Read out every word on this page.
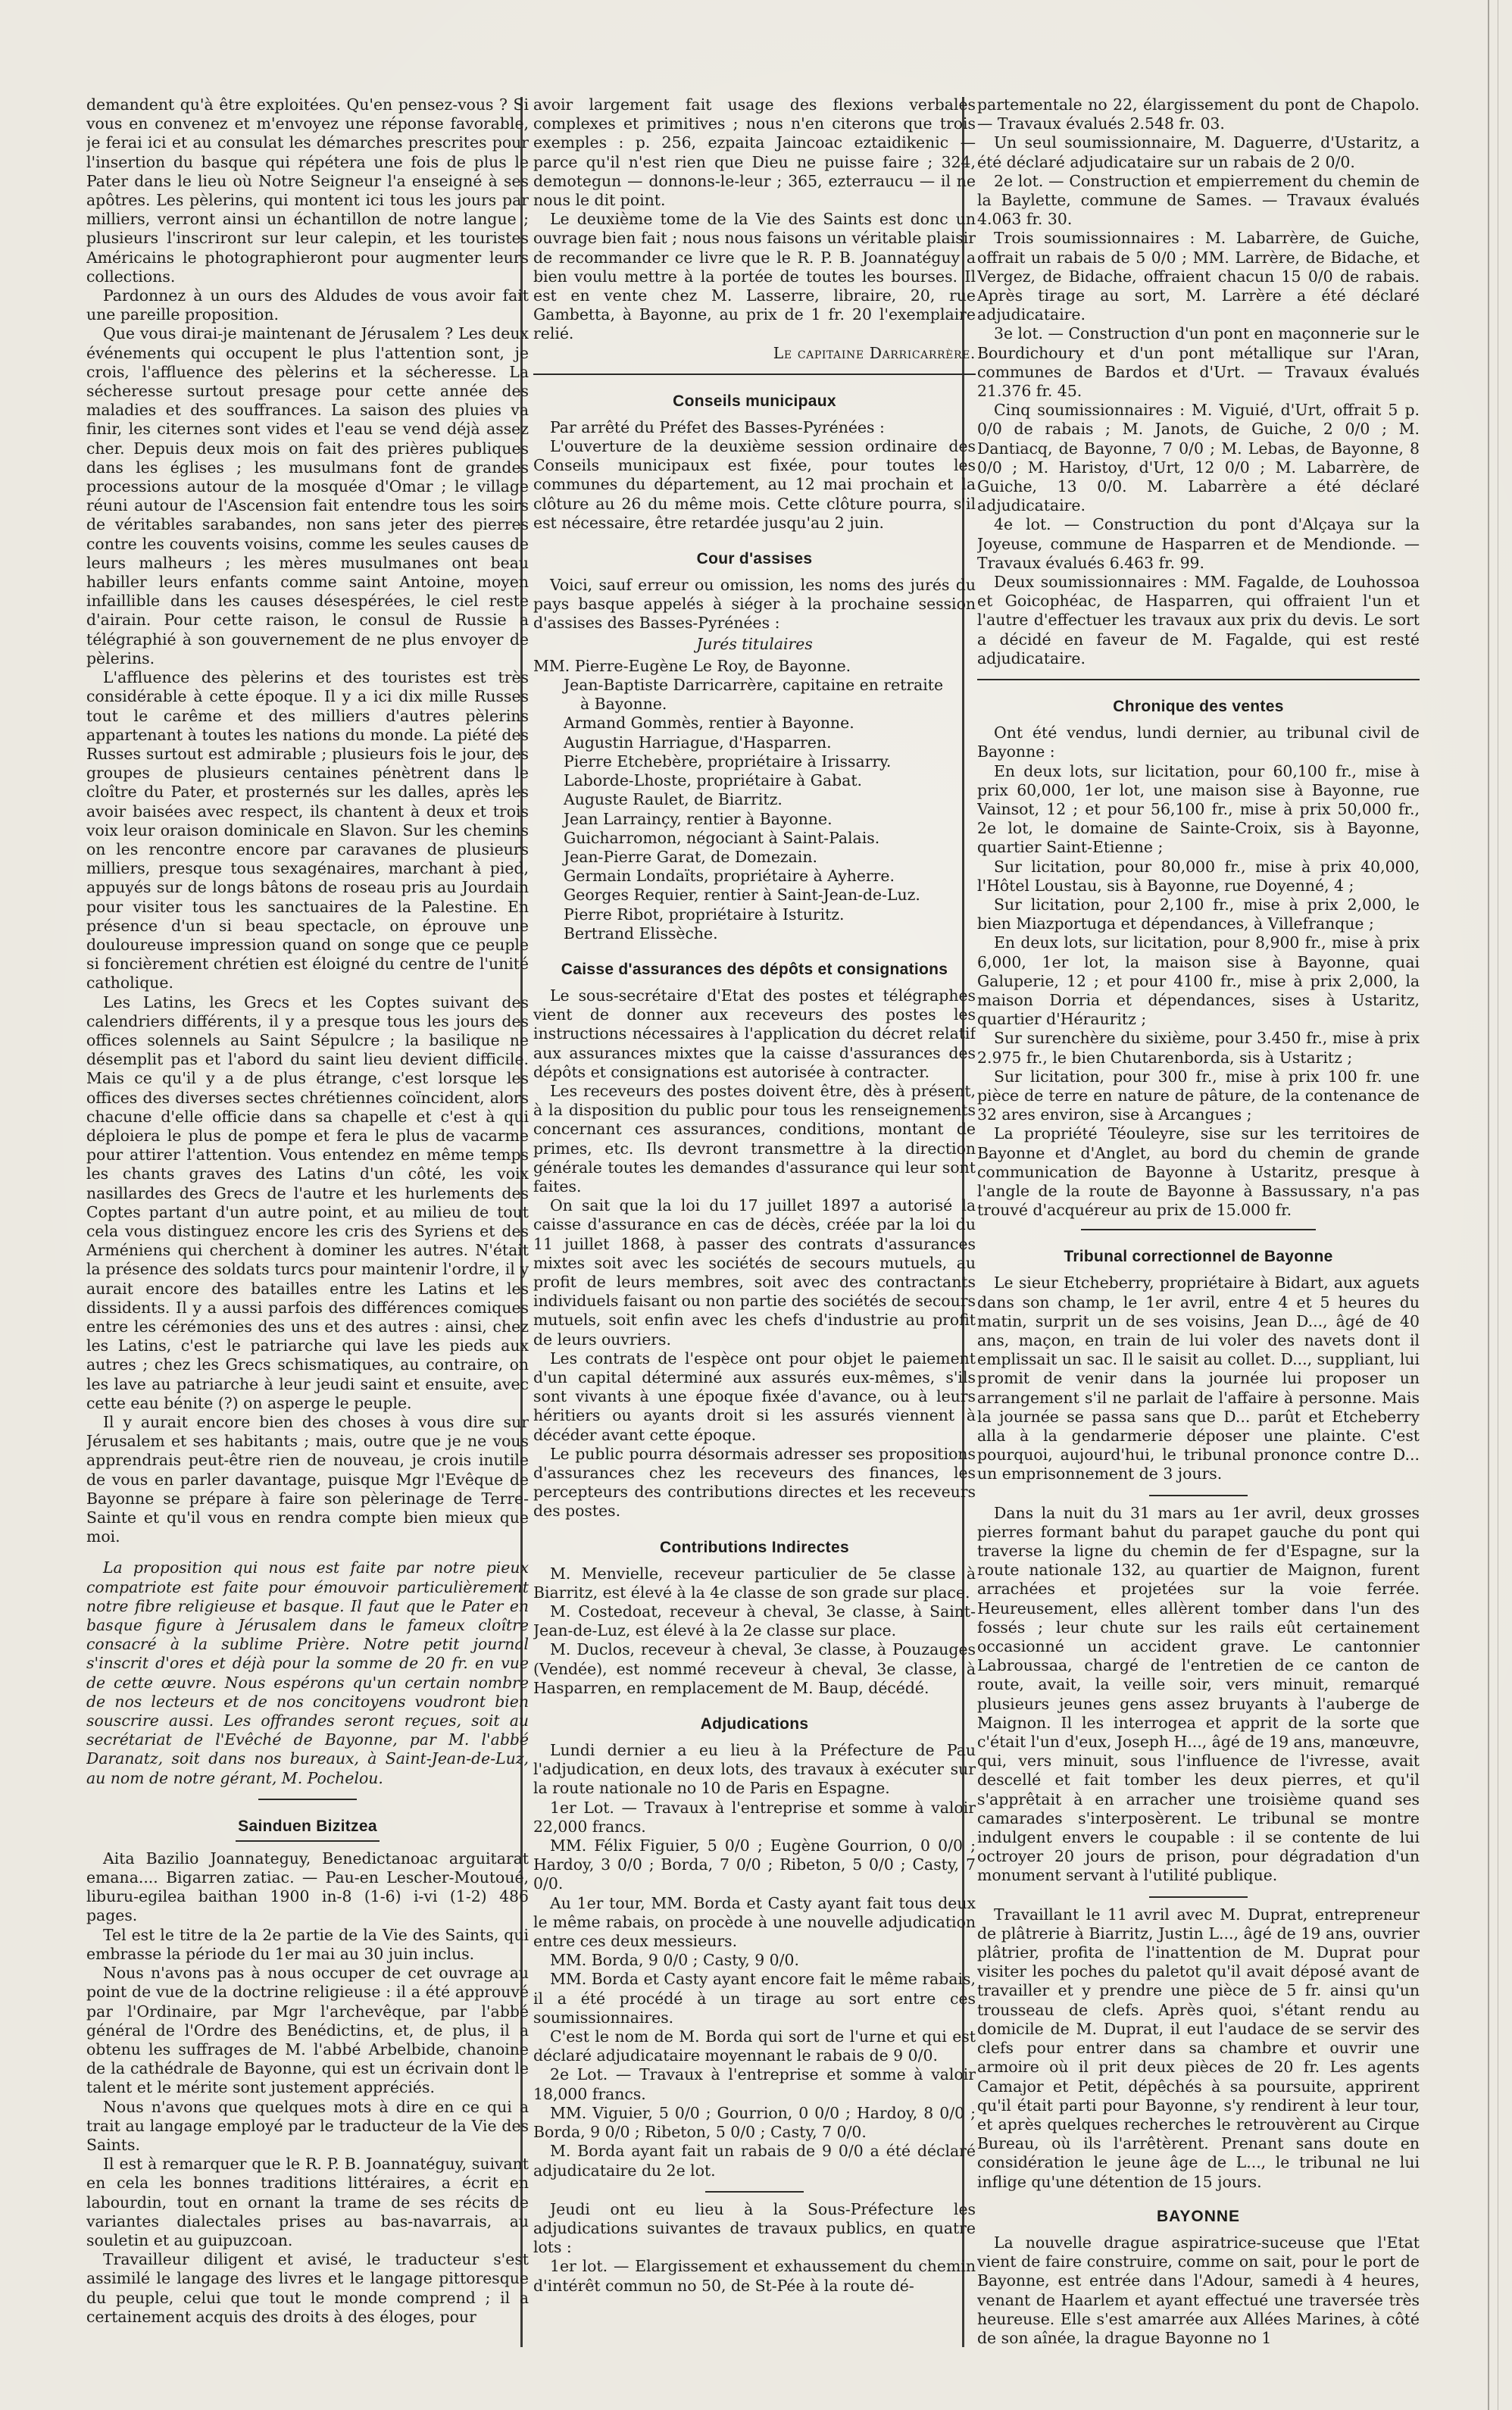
demandent qu'à être exploitées. Qu'en pensez-vous ? Si vous en convenez et m'envoyez une réponse favorable, je ferai ici et au consulat les démarches prescrites pour l'insertion du basque qui répétera une fois de plus le Pater dans le lieu où Notre Seigneur l'a enseigné à ses apôtres. Les pèlerins, qui montent ici tous les jours par milliers, verront ainsi un échantillon de notre langue ; plusieurs l'inscriront sur leur calepin, et les touristes Américains le photographieront pour augmenter leurs collections.

Pardonnez à un ours des Aldudes de vous avoir fait une pareille proposition.

Que vous dirai-je maintenant de Jérusalem ? Les deux événements qui occupent le plus l'attention sont, je crois, l'affluence des pèlerins et la sécheresse. La sécheresse surtout presage pour cette année des maladies et des souffrances. La saison des pluies va finir, les citernes sont vides et l'eau se vend déjà assez cher. Depuis deux mois on fait des prières publiques dans les églises ; les musulmans font de grandes processions autour de la mosquée d'Omar ; le village réuni autour de l'Ascension fait entendre tous les soirs de véritables sarabandes, non sans jeter des pierres contre les couvents voisins, comme les seules causes de leurs malheurs ; les mères musulmanes ont beau habiller leurs enfants comme saint Antoine, moyen infaillible dans les causes désespérées, le ciel reste d'airain. Pour cette raison, le consul de Russie a télégraphié à son gouvernement de ne plus envoyer de pèlerins.

L'affluence des pèlerins et des touristes est très considérable à cette époque. Il y a ici dix mille Russes tout le carême et des milliers d'autres pèlerins appartenant à toutes les nations du monde. La piété des Russes surtout est admirable ; plusieurs fois le jour, des groupes de plusieurs centaines pénètrent dans le cloître du Pater, et prosternés sur les dalles, après les avoir baisées avec respect, ils chantent à deux et trois voix leur oraison dominicale en Slavon. Sur les chemins on les rencontre encore par caravanes de plusieurs milliers, presque tous sexagénaires, marchant à pied, appuyés sur de longs bâtons de roseau pris au Jourdain pour visiter tous les sanctuaires de la Palestine. En présence d'un si beau spectacle, on éprouve une douloureuse impression quand on songe que ce peuple si foncièrement chrétien est éloigné du centre de l'unité catholique.

Les Latins, les Grecs et les Coptes suivant des calendriers différents, il y a presque tous les jours des offices solennels au Saint Sépulcre ; la basilique ne désemplit pas et l'abord du saint lieu devient difficile. Mais ce qu'il y a de plus étrange, c'est lorsque les offices des diverses sectes chrétiennes coïncident, alors chacune d'elle officie dans sa chapelle et c'est à qui déploiera le plus de pompe et fera le plus de vacarme pour attirer l'attention. Vous entendez en même temps les chants graves des Latins d'un côté, les voix nasillardes des Grecs de l'autre et les hurlements des Coptes partant d'un autre point, et au milieu de tout cela vous distinguez encore les cris des Syriens et des Arméniens qui cherchent à dominer les autres. N'était la présence des soldats turcs pour maintenir l'ordre, il y aurait encore des batailles entre les Latins et les dissidents. Il y a aussi parfois des différences comiques entre les cérémonies des uns et des autres : ainsi, chez les Latins, c'est le patriarche qui lave les pieds aux autres ; chez les Grecs schismatiques, au contraire, on les lave au patriarche à leur jeudi saint et ensuite, avec cette eau bénite (?) on asperge le peuple.

Il y aurait encore bien des choses à vous dire sur Jérusalem et ses habitants ; mais, outre que je ne vous apprendrais peut-être rien de nouveau, je crois inutile de vous en parler davantage, puisque Mgr l'Evêque de Bayonne se prépare à faire son pèlerinage de Terre-Sainte et qu'il vous en rendra compte bien mieux que moi.

La proposition qui nous est faite par notre pieux compatriote est faite pour émouvoir particulièrement notre fibre religieuse et basque. Il faut que le Pater en basque figure à Jérusalem dans le fameux cloître consacré à la sublime Prière. Notre petit journal s'inscrit d'ores et déjà pour la somme de 20 fr. en vue de cette œuvre. Nous espérons qu'un certain nombre de nos lecteurs et de nos concitoyens voudront bien souscrire aussi. Les offrandes seront reçues, soit au secrétariat de l'Evêché de Bayonne, par M. l'abbé Daranatz, soit dans nos bureaux, à Saint-Jean-de-Luz, au nom de notre gérant, M. Pochelou.

Sainduen Bizitzea

Aita Bazilio Joannateguy, Benedictanoac arguitarat emana.... Bigarren zatiac. — Pau-en Lescher-Moutoué, liburu-egilea baithan 1900 in-8 (1-6) i-vi (1-2) 486 pages.

Tel est le titre de la 2e partie de la Vie des Saints, qui embrasse la période du 1er mai au 30 juin inclus.

Nous n'avons pas à nous occuper de cet ouvrage au point de vue de la doctrine religieuse : il a été approuvé par l'Ordinaire, par Mgr l'archevêque, par l'abbé général de l'Ordre des Benédictins, et, de plus, il a obtenu les suffrages de M. l'abbé Arbelbide, chanoine de la cathédrale de Bayonne, qui est un écrivain dont le talent et le mérite sont justement appréciés.

Nous n'avons que quelques mots à dire en ce qui a trait au langage employé par le traducteur de la Vie des Saints.

Il est à remarquer que le R. P. B. Joannatéguy, suivant en cela les bonnes traditions littéraires, a écrit en labourdin, tout en ornant la trame de ses récits de variantes dialectales prises au bas-navarrais, au souletin et au guipuzcoan.

Travailleur diligent et avisé, le traducteur s'est assimilé le langage des livres et le langage pittoresque du peuple, celui que tout le monde comprend ; il a certainement acquis des droits à des éloges, pour

avoir largement fait usage des flexions verbales complexes et primitives ; nous n'en citerons que trois exemples : p. 256, ezpaita Jaincoac eztaidikenic — parce qu'il n'est rien que Dieu ne puisse faire ; 324, demotegun — donnons-le-leur ; 365, ezterraucu — il ne nous le dit point.

Le deuxième tome de la Vie des Saints est donc un ouvrage bien fait ; nous nous faisons un véritable plaisir de recommander ce livre que le R. P. B. Joannatéguy a bien voulu mettre à la portée de toutes les bourses. Il est en vente chez M. Lasserre, libraire, 20, rue Gambetta, à Bayonne, au prix de 1 fr. 20 l'exemplaire relié.

Le capitaine Darricarrère.

Conseils municipaux

Par arrêté du Préfet des Basses-Pyrénées :

L'ouverture de la deuxième session ordinaire des Conseils municipaux est fixée, pour toutes les communes du département, au 12 mai prochain et la clôture au 26 du même mois. Cette clôture pourra, s'il est nécessaire, être retardée jusqu'au 2 juin.

Cour d'assises

Voici, sauf erreur ou omission, les noms des jurés du pays basque appelés à siéger à la prochaine session d'assises des Basses-Pyrénées :

Jurés titulaires

MM. Pierre-Eugène Le Roy, de Bayonne.
Jean-Baptiste Darricarrère, capitaine en retraite
à Bayonne.
Armand Gommès, rentier à Bayonne.
Augustin Harriague, d'Hasparren.
Pierre Etchebère, propriétaire à Irissarry.
Laborde-Lhoste, propriétaire à Gabat.
Auguste Raulet, de Biarritz.
Jean Larrainçy, rentier à Bayonne.
Guicharromon, négociant à Saint-Palais.
Jean-Pierre Garat, de Domezain.
Germain Londaïts, propriétaire à Ayherre.
Georges Requier, rentier à Saint-Jean-de-Luz.
Pierre Ribot, propriétaire à Isturitz.
Bertrand Elissèche.
Caisse d'assurances des dépôts et consignations

Le sous-secrétaire d'Etat des postes et télégraphes vient de donner aux receveurs des postes les instructions nécessaires à l'application du décret relatif aux assurances mixtes que la caisse d'assurances des dépôts et consignations est autorisée à contracter.

Les receveurs des postes doivent être, dès à présent, à la disposition du public pour tous les renseignements concernant ces assurances, conditions, montant de primes, etc. Ils devront transmettre à la direction générale toutes les demandes d'assurance qui leur sont faites.

On sait que la loi du 17 juillet 1897 a autorisé la caisse d'assurance en cas de décès, créée par la loi du 11 juillet 1868, à passer des contrats d'assurances mixtes soit avec les sociétés de secours mutuels, au profit de leurs membres, soit avec des contractants individuels faisant ou non partie des sociétés de secours mutuels, soit enfin avec les chefs d'industrie au profit de leurs ouvriers.

Les contrats de l'espèce ont pour objet le paiement d'un capital déterminé aux assurés eux-mêmes, s'ils sont vivants à une époque fixée d'avance, ou à leurs héritiers ou ayants droit si les assurés viennent à décéder avant cette époque.

Le public pourra désormais adresser ses propositions d'assurances chez les receveurs des finances, les percepteurs des contributions directes et les receveurs des postes.

Contributions Indirectes

M. Menvielle, receveur particulier de 5e classe à Biarritz, est élevé à la 4e classe de son grade sur place.

M. Costedoat, receveur à cheval, 3e classe, à Saint-Jean-de-Luz, est élevé à la 2e classe sur place.

M. Duclos, receveur à cheval, 3e classe, à Pouzauges (Vendée), est nommé receveur à cheval, 3e classe, à Hasparren, en remplacement de M. Baup, décédé.

Adjudications

Lundi dernier a eu lieu à la Préfecture de Pau l'adjudication, en deux lots, des travaux à exécuter sur la route nationale no 10 de Paris en Espagne.

1er Lot. — Travaux à l'entreprise et somme à valoir 22,000 francs.

MM. Félix Figuier, 5 0/0 ; Eugène Gourrion, 0 0/0 ; Hardoy, 3 0/0 ; Borda, 7 0/0 ; Ribeton, 5 0/0 ; Casty, 7 0/0.

Au 1er tour, MM. Borda et Casty ayant fait tous deux le même rabais, on procède à une nouvelle adjudication entre ces deux messieurs.

MM. Borda, 9 0/0 ; Casty, 9 0/0.

MM. Borda et Casty ayant encore fait le même rabais, il a été procédé à un tirage au sort entre ces soumissionnaires.

C'est le nom de M. Borda qui sort de l'urne et qui est déclaré adjudicataire moyennant le rabais de 9 0/0.

2e Lot. — Travaux à l'entreprise et somme à valoir 18,000 francs.

MM. Viguier, 5 0/0 ; Gourrion, 0 0/0 ; Hardoy, 8 0/0 ; Borda, 9 0/0 ; Ribeton, 5 0/0 ; Casty, 7 0/0.

M. Borda ayant fait un rabais de 9 0/0 a été déclaré adjudicataire du 2e lot.

Jeudi ont eu lieu à la Sous-Préfecture les adjudications suivantes de travaux publics, en quatre lots :

1er lot. — Elargissement et exhaussement du chemin d'intérêt commun no 50, de St-Pée à la route dé-

partementale no 22, élargissement du pont de Chapolo. — Travaux évalués 2.548 fr. 03.

Un seul soumissionnaire, M. Daguerre, d'Ustaritz, a été déclaré adjudicataire sur un rabais de 2 0/0.

2e lot. — Construction et empierrement du chemin de la Baylette, commune de Sames. — Travaux évalués 4.063 fr. 30.

Trois soumissionnaires : M. Labarrère, de Guiche, offrait un rabais de 5 0/0 ; MM. Larrère, de Bidache, et Vergez, de Bidache, offraient chacun 15 0/0 de rabais. Après tirage au sort, M. Larrère a été déclaré adjudicataire.

3e lot. — Construction d'un pont en maçonnerie sur le Bourdichoury et d'un pont métallique sur l'Aran, communes de Bardos et d'Urt. — Travaux évalués 21.376 fr. 45.

Cinq soumissionnaires : M. Viguié, d'Urt, offrait 5 p. 0/0 de rabais ; M. Janots, de Guiche, 2 0/0 ; M. Dantiacq, de Bayonne, 7 0/0 ; M. Lebas, de Bayonne, 8 0/0 ; M. Haristoy, d'Urt, 12 0/0 ; M. Labarrère, de Guiche, 13 0/0. M. Labarrère a été déclaré adjudicataire.

4e lot. — Construction du pont d'Alçaya sur la Joyeuse, commune de Hasparren et de Mendionde. — Travaux évalués 6.463 fr. 99.

Deux soumissionnaires : MM. Fagalde, de Louhossoa et Goicophéac, de Hasparren, qui offraient l'un et l'autre d'effectuer les travaux aux prix du devis. Le sort a décidé en faveur de M. Fagalde, qui est resté adjudicataire.

Chronique des ventes

Ont été vendus, lundi dernier, au tribunal civil de Bayonne :

En deux lots, sur licitation, pour 60,100 fr., mise à prix 60,000, 1er lot, une maison sise à Bayonne, rue Vainsot, 12 ; et pour 56,100 fr., mise à prix 50,000 fr., 2e lot, le domaine de Sainte-Croix, sis à Bayonne, quartier Saint-Etienne ;

Sur licitation, pour 80,000 fr., mise à prix 40,000, l'Hôtel Loustau, sis à Bayonne, rue Doyenné, 4 ;

Sur licitation, pour 2,100 fr., mise à prix 2,000, le bien Miazportuga et dépendances, à Villefranque ;

En deux lots, sur licitation, pour 8,900 fr., mise à prix 6,000, 1er lot, la maison sise à Bayonne, quai Galuperie, 12 ; et pour 4100 fr., mise à prix 2,000, la maison Dorria et dépendances, sises à Ustaritz, quartier d'Hérauritz ;

Sur surenchère du sixième, pour 3.450 fr., mise à prix 2.975 fr., le bien Chutarenborda, sis à Ustaritz ;

Sur licitation, pour 300 fr., mise à prix 100 fr. une pièce de terre en nature de pâture, de la contenance de 32 ares environ, sise à Arcangues ;

La propriété Téouleyre, sise sur les territoires de Bayonne et d'Anglet, au bord du chemin de grande communication de Bayonne à Ustaritz, presque à l'angle de la route de Bayonne à Bassussary, n'a pas trouvé d'acquéreur au prix de 15.000 fr.

Tribunal correctionnel de Bayonne

Le sieur Etcheberry, propriétaire à Bidart, aux aguets dans son champ, le 1er avril, entre 4 et 5 heures du matin, surprit un de ses voisins, Jean D..., âgé de 40 ans, maçon, en train de lui voler des navets dont il emplissait un sac. Il le saisit au collet. D..., suppliant, lui promit de venir dans la journée lui proposer un arrangement s'il ne parlait de l'affaire à personne. Mais la journée se passa sans que D... parût et Etcheberry alla à la gendarmerie déposer une plainte. C'est pourquoi, aujourd'hui, le tribunal prononce contre D... un emprisonnement de 3 jours.

Dans la nuit du 31 mars au 1er avril, deux grosses pierres formant bahut du parapet gauche du pont qui traverse la ligne du chemin de fer d'Espagne, sur la route nationale 132, au quartier de Maignon, furent arrachées et projetées sur la voie ferrée. Heureusement, elles allèrent tomber dans l'un des fossés ; leur chute sur les rails eût certainement occasionné un accident grave. Le cantonnier Labroussaa, chargé de l'entretien de ce canton de route, avait, la veille soir, vers minuit, remarqué plusieurs jeunes gens assez bruyants à l'auberge de Maignon. Il les interrogea et apprit de la sorte que c'était l'un d'eux, Joseph H..., âgé de 19 ans, manœuvre, qui, vers minuit, sous l'influence de l'ivresse, avait descellé et fait tomber les deux pierres, et qu'il s'apprêtait à en arracher une troisième quand ses camarades s'interposèrent. Le tribunal se montre indulgent envers le coupable : il se contente de lui octroyer 20 jours de prison, pour dégradation d'un monument servant à l'utilité publique.

Travaillant le 11 avril avec M. Duprat, entrepreneur de plâtrerie à Biarritz, Justin L..., âgé de 19 ans, ouvrier plâtrier, profita de l'inattention de M. Duprat pour visiter les poches du paletot qu'il avait déposé avant de travailler et y prendre une pièce de 5 fr. ainsi qu'un trousseau de clefs. Après quoi, s'étant rendu au domicile de M. Duprat, il eut l'audace de se servir des clefs pour entrer dans sa chambre et ouvrir une armoire où il prit deux pièces de 20 fr. Les agents Camajor et Petit, dépêchés à sa poursuite, apprirent qu'il était parti pour Bayonne, s'y rendirent à leur tour, et après quelques recherches le retrouvèrent au Cirque Bureau, où ils l'arrêtèrent. Prenant sans doute en considération le jeune âge de L..., le tribunal ne lui inflige qu'une détention de 15 jours.

BAYONNE

La nouvelle drague aspiratrice-suceuse que l'Etat vient de faire construire, comme on sait, pour le port de Bayonne, est entrée dans l'Adour, samedi à 4 heures, venant de Haarlem et ayant effectué une traversée très heureuse. Elle s'est amarrée aux Allées Marines, à côté de son aînée, la drague Bayonne no 1
